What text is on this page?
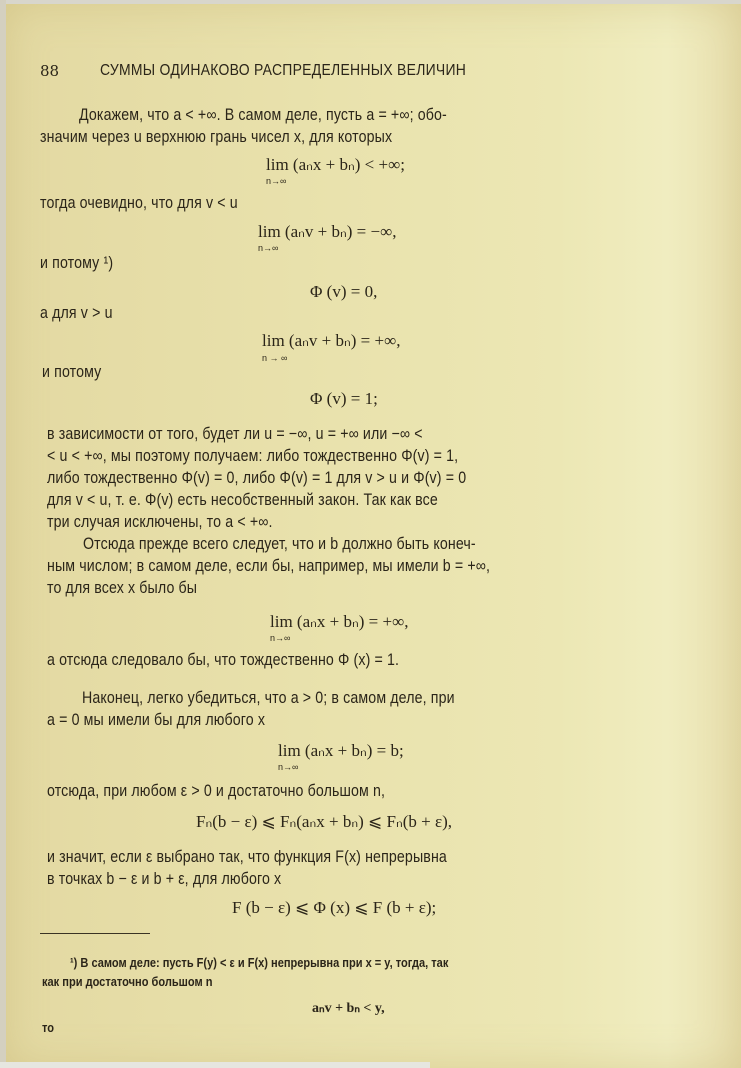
88	СУММЫ ОДИНАКОВО РАСПРЕДЕЛЕННЫХ ВЕЛИЧИН
Докажем, что a < +∞. В самом деле, пусть a = +∞; обо-
значим через u верхнюю грань чисел x, для которых
lim (aₙx + bₙ) < +∞;
n→∞
тогда очевидно, что для v < u
lim (aₙv + bₙ) = −∞,
n→∞
и потому ¹)
Φ (v) = 0,
а для v > u
lim (aₙv + bₙ) = +∞,
n → ∞
и потому
Φ (v) = 1;
в зависимости от того, будет ли u = −∞, u = +∞ или −∞ <
< u < +∞, мы поэтому получаем: либо тождественно Φ(v) = 1,
либо тождественно Φ(v) = 0, либо Φ(v) = 1 для v > u и Φ(v) = 0
для v < u, т. е. Φ(v) есть несобственный закон. Так как все
три случая исключены, то a < +∞.
Отсюда прежде всего следует, что и b должно быть конеч-
ным числом; в самом деле, если бы, например, мы имели b = +∞,
то для всех x было бы
lim (aₙx + bₙ) = +∞,
n→∞
а отсюда следовало бы, что тождественно Φ (x) = 1.
Наконец, легко убедиться, что a > 0; в самом деле, при
a = 0 мы имели бы для любого x
lim (aₙx + bₙ) = b;
n→∞
отсюда, при любом ε > 0 и достаточно большом n,
Fₙ(b − ε) ⩽ Fₙ(aₙx + bₙ) ⩽ Fₙ(b + ε),
и значит, если ε выбрано так, что функция F(x) непрерывна
в точках b − ε и b + ε, для любого x
F (b − ε) ⩽ Φ (x) ⩽ F (b + ε);
¹) В самом деле: пусть F(y) < ε и F(x) непрерывна при x = y, тогда, так
как при достаточно большом n
aₙv + bₙ < y,
то
